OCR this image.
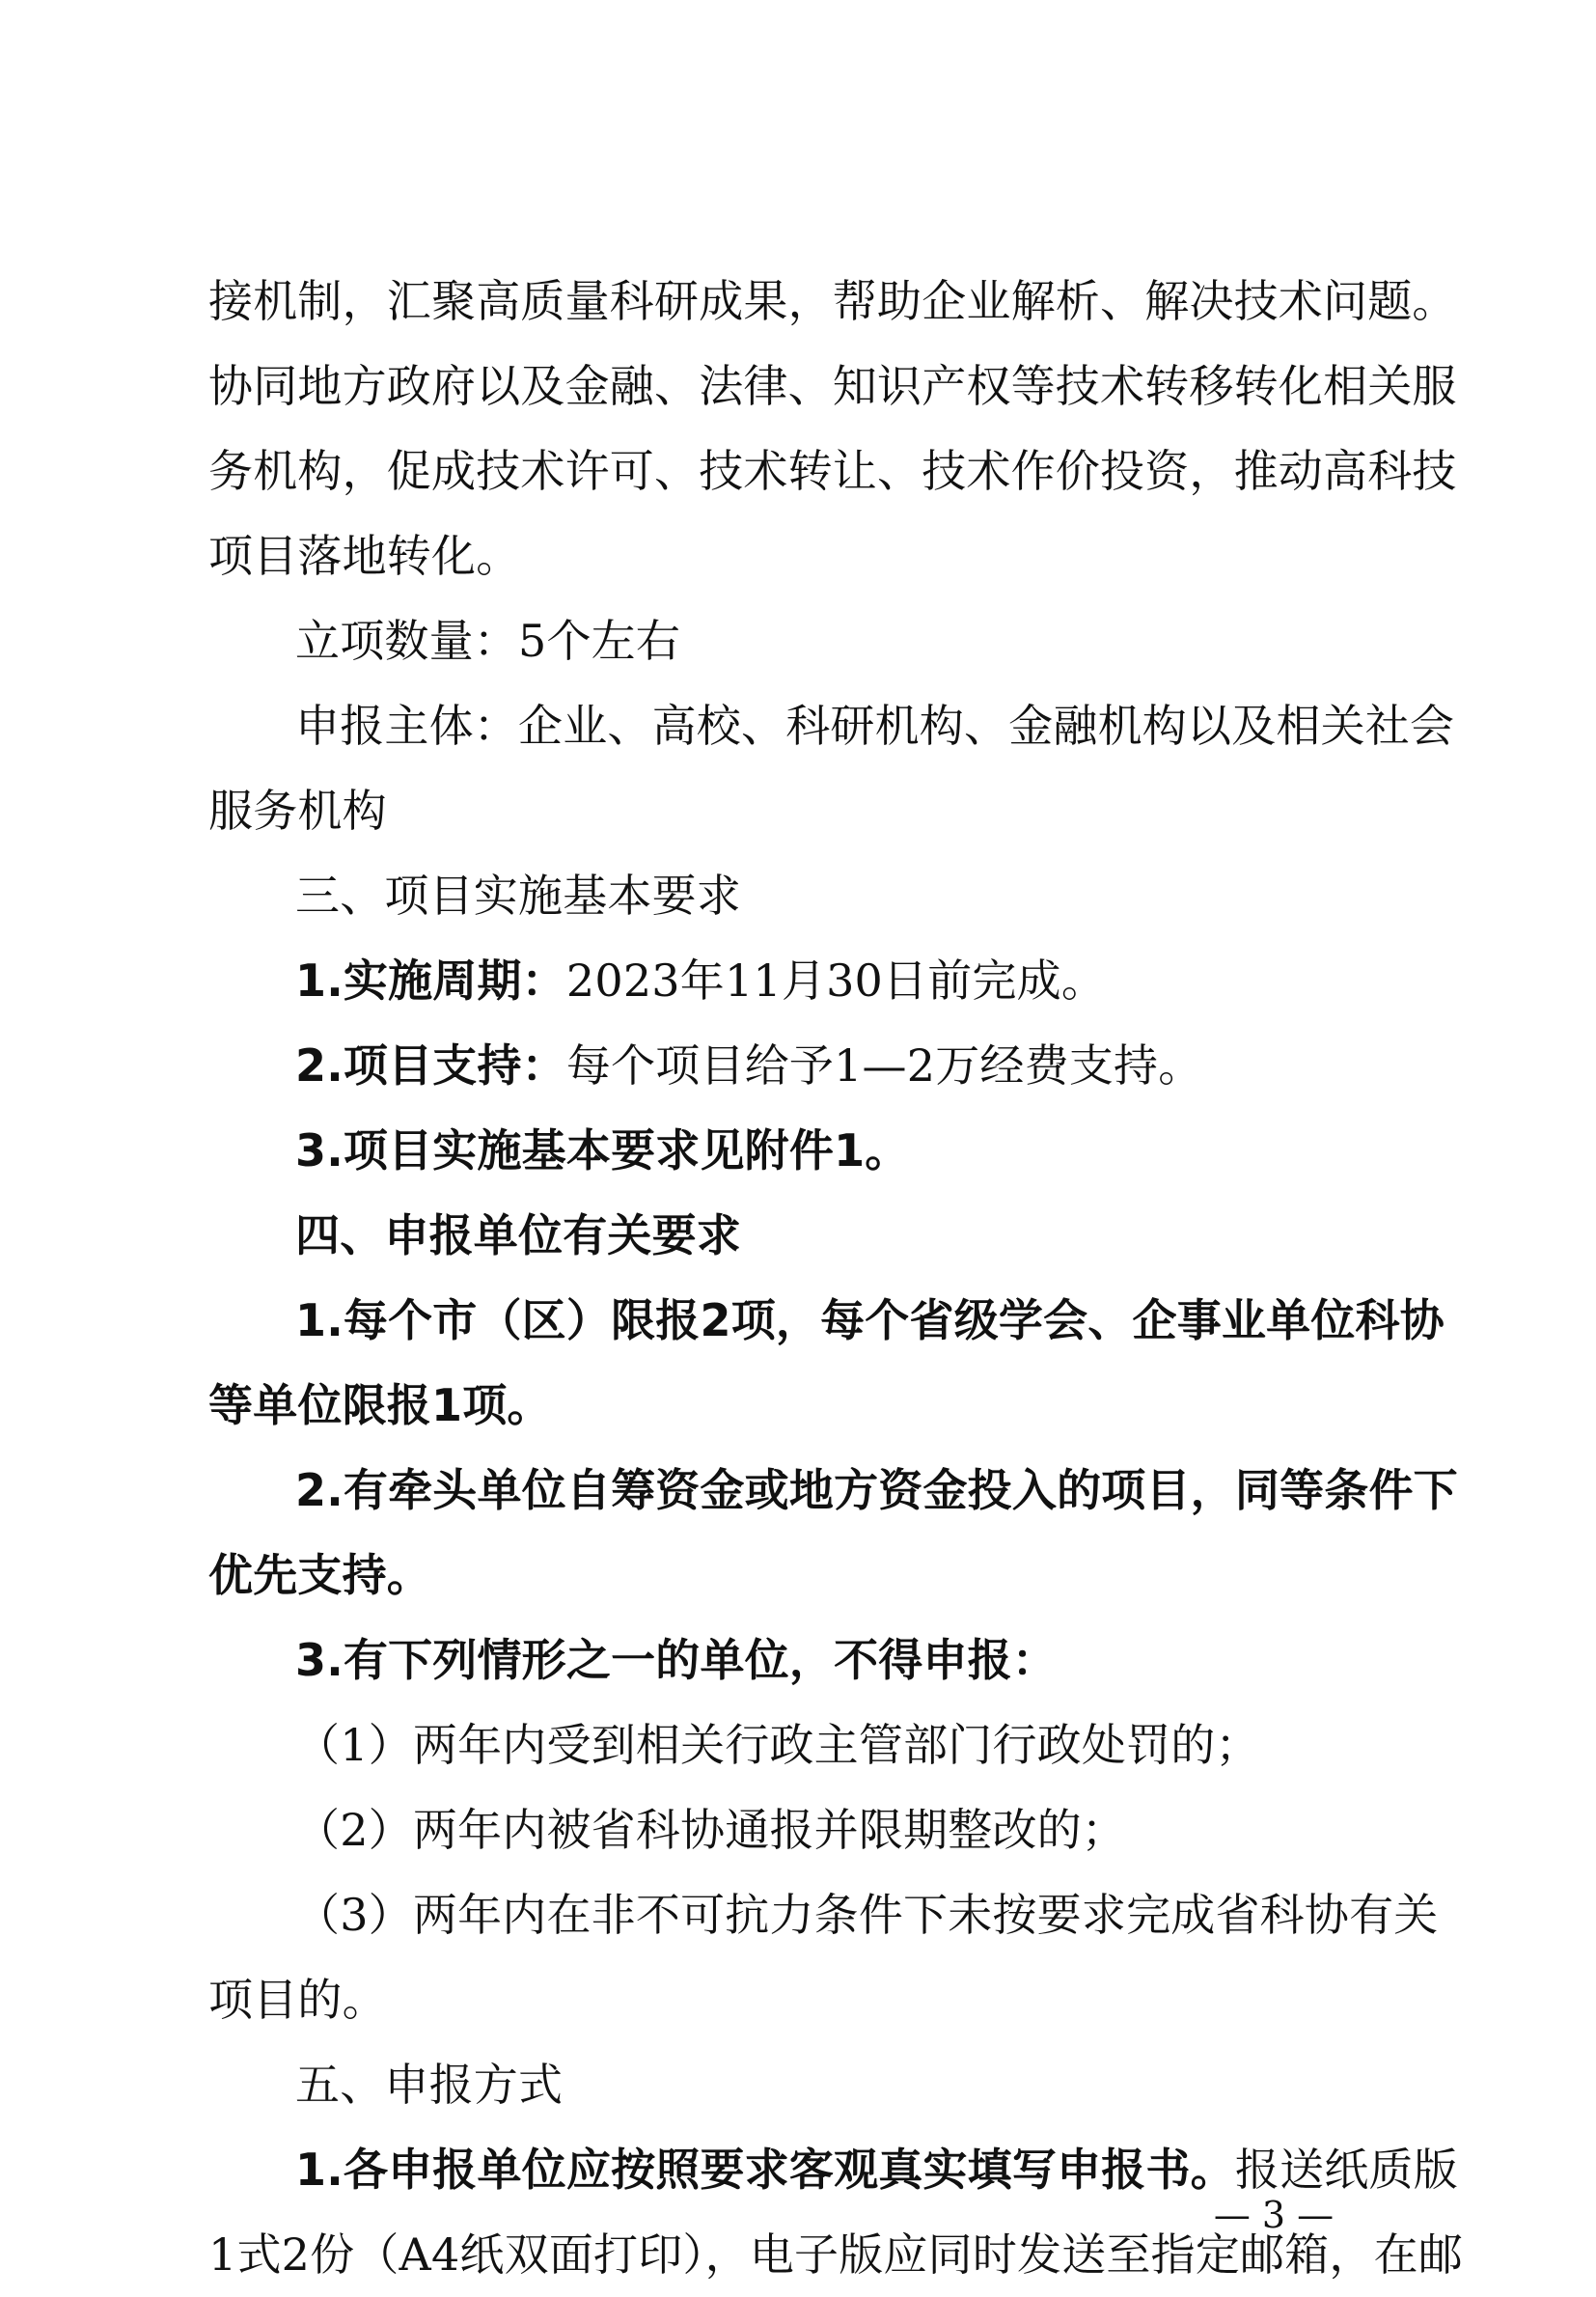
接机制，汇聚高质量科研成果，帮助企业解析、解决技术问题。
协同地方政府以及金融、法律、知识产权等技术转移转化相关服
务机构，促成技术许可、技术转让、技术作价投资，推动高科技
项目落地转化。
立项数量：5个左右
申报主体：企业、高校、科研机构、金融机构以及相关社会
服务机构
三、项目实施基本要求
1.实施周期：2023年11月30日前完成。
2.项目支持：每个项目给予1—2万经费支持。
3.项目实施基本要求见附件1。
四、申报单位有关要求
1.每个市（区）限报2项，每个省级学会、企事业单位科协
等单位限报1项。
2.有牵头单位自筹资金或地方资金投入的项目，同等条件下
优先支持。
3.有下列情形之一的单位，不得申报：
（1）两年内受到相关行政主管部门行政处罚的；
（2）两年内被省科协通报并限期整改的；
（3）两年内在非不可抗力条件下未按要求完成省科协有关
项目的。
五、申报方式
1.各申报单位应按照要求客观真实填写申报书。报送纸质版
1式2份（A4纸双面打印），电子版应同时发送至指定邮箱，在邮
— 3 —
